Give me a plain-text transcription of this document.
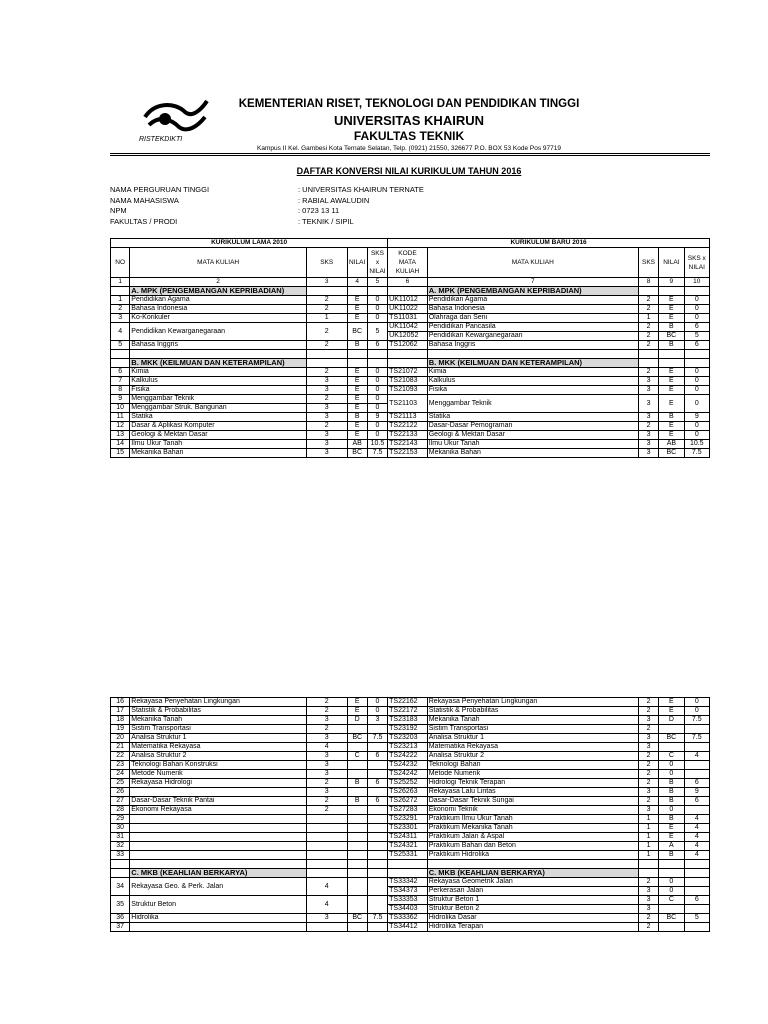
RISTEKDIKTI
KEMENTERIAN RISET, TEKNOLOGI DAN PENDIDIKAN TINGGI
UNIVERSITAS KHAIRUN
FAKULTAS TEKNIK
Kampus II Kel. Gambesi Kota Ternate Selatan, Telp. (0921) 21550, 326677 P.O. BOX 53 Kode Pos 97719
DAFTAR KONVERSI NILAI KURIKULUM TAHUN 2016
NAMA PERGURUAN TINGGI	: UNIVERSITAS KHAIRUN TERNATE
NAMA MAHASISWA	: RABIAL AWALUDIN
NPM	: 0723 13 11
FAKULTAS / PRODI	: TEKNIK / SIPIL
KURIKULUM LAMA 2010					KURIKULUM BARU 2016				
NO	MATA KULIAH	SKS	NILAI	SKS x NILAI	KODE MATA KULIAH	MATA KULIAH	SKS	NILAI	SKS x NILAI
1	2	3	4	5	6	7	8	9	10
	A. MPK (PENGEMBANGAN KEPRIBADIAN)					A. MPK (PENGEMBANGAN KEPRIBADIAN)			
1	Pendidikan Agama	2	E	0	UK11012	Pendidikan Agama	2	E	0
2	Bahasa Indonesia	2	E	0	UK11022	Bahasa Indonesia	2	E	0
3	Ko-Korikuler	1	E	0	TS11031	Olahraga dan Seni	1	E	0
4	Pendidikan Kewarganegaraan	2	BC	5	UK11042	Pendidikan Pancasila	2	B	6
					UK12052	Pendidikan Kewarganegaraan	2	BC	5
5	Bahasa Inggris	2	B	6	TS12062	Bahasa Inggris	2	B	6

	B. MKK (KEILMUAN DAN KETERAMPILAN)					B. MKK (KEILMUAN DAN KETERAMPILAN)			
6	Kimia	2	E	0	TS21072	Kimia	2	E	0
7	Kalkulus	3	E	0	TS21083	Kalkulus	3	E	0
8	Fisika	3	E	0	TS21093	Fisika	3	E	0
9	Menggambar Teknik	2	E	0	TS21103	Menggambar Teknik	3	E	0
10	Menggambar Struk. Bangunan	3	E	0					
11	Statika	3	B	9	TS21113	Statika	3	B	9
12	Dasar & Aplikasi Komputer	2	E	0	TS22122	Dasar-Dasar Pemograman	2	E	0
13	Geologi & Mektan Dasar	3	E	0	TS22133	Geologi & Mektan Dasar	3	E	0
14	Ilmu Ukur Tanah	3	AB	10.5	TS22143	Ilmu Ukur Tanah	3	AB	10.5
15	Mekanika Bahan	3	BC	7.5	TS22153	Mekanika Bahan	3	BC	7.5
16	Rekayasa Penyehatan Lingkungan	2	E	0	TS22162	Rekayasa Penyehatan Lingkungan	2	E	0
17	Statistik & Probabilitas	2	E	0	TS22172	Statistik & Probabilitas	2	E	0
18	Mekanika Tanah	3	D	3	TS23183	Mekanika Tanah	3	D	7.5
19	Sistim Transportasi	2			TS23192	Sistim Transportasi	2		
20	Analisa Struktur 1	3	BC	7.5	TS23203	Analisa Struktur 1	3	BC	7.5
21	Matematika Rekayasa	4			TS23213	Matematika Rekayasa	3		
22	Analisa Struktur 2	3	C	6	TS24222	Analisa Struktur 2	2	C	4
23	Teknologi Bahan Konstruksi	3			TS24232	Teknologi Bahan	2	0	
24	Metode Numerik	3			TS24242	Metode Numerik	2	0	
25	Rekayasa Hidrologi	2	B	6	TS25252	Hidrologi Teknik Terapan	2	B	6
26		3			TS26263	Rekayasa Lalu Lintas	3	B	9
27	Dasar-Dasar Teknik Pantai	2	B	6	TS26272	Dasar-Dasar Teknik Sungai	2	B	6
28	Ekonomi Rekayasa	2			TS27283	Ekonomi Teknik	3	0	
29					TS23291	Praktikum Ilmu Ukur Tanah	1	B	4
30					TS23301	Praktikum Mekanika Tanah	1	E	4
31					TS24311	Praktikum Jalan & Aspal	1	E	4
32					TS24321	Praktikum Bahan dan Beton	1	A	4
33					TS25331	Praktikum Hidrolika	1	B	4

	C. MKB (KEAHLIAN BERKARYA)					C. MKB (KEAHLIAN BERKARYA)			
34	Rekayasa Geo. & Perk. Jalan	4			TS33342	Rekayasa Geometrik Jalan	2	0	
					TS34373	Perkerasan Jalan	3	0	
35	Struktur Beton	4			TS33353	Struktur Beton 1	3	C	6
					TS34403	Struktur Beton 2	3		
36	Hidrolika	3	BC	7.5	TS33362	Hidrolika Dasar	2	BC	5
37					TS34412	Hidrolika Terapan	2		
